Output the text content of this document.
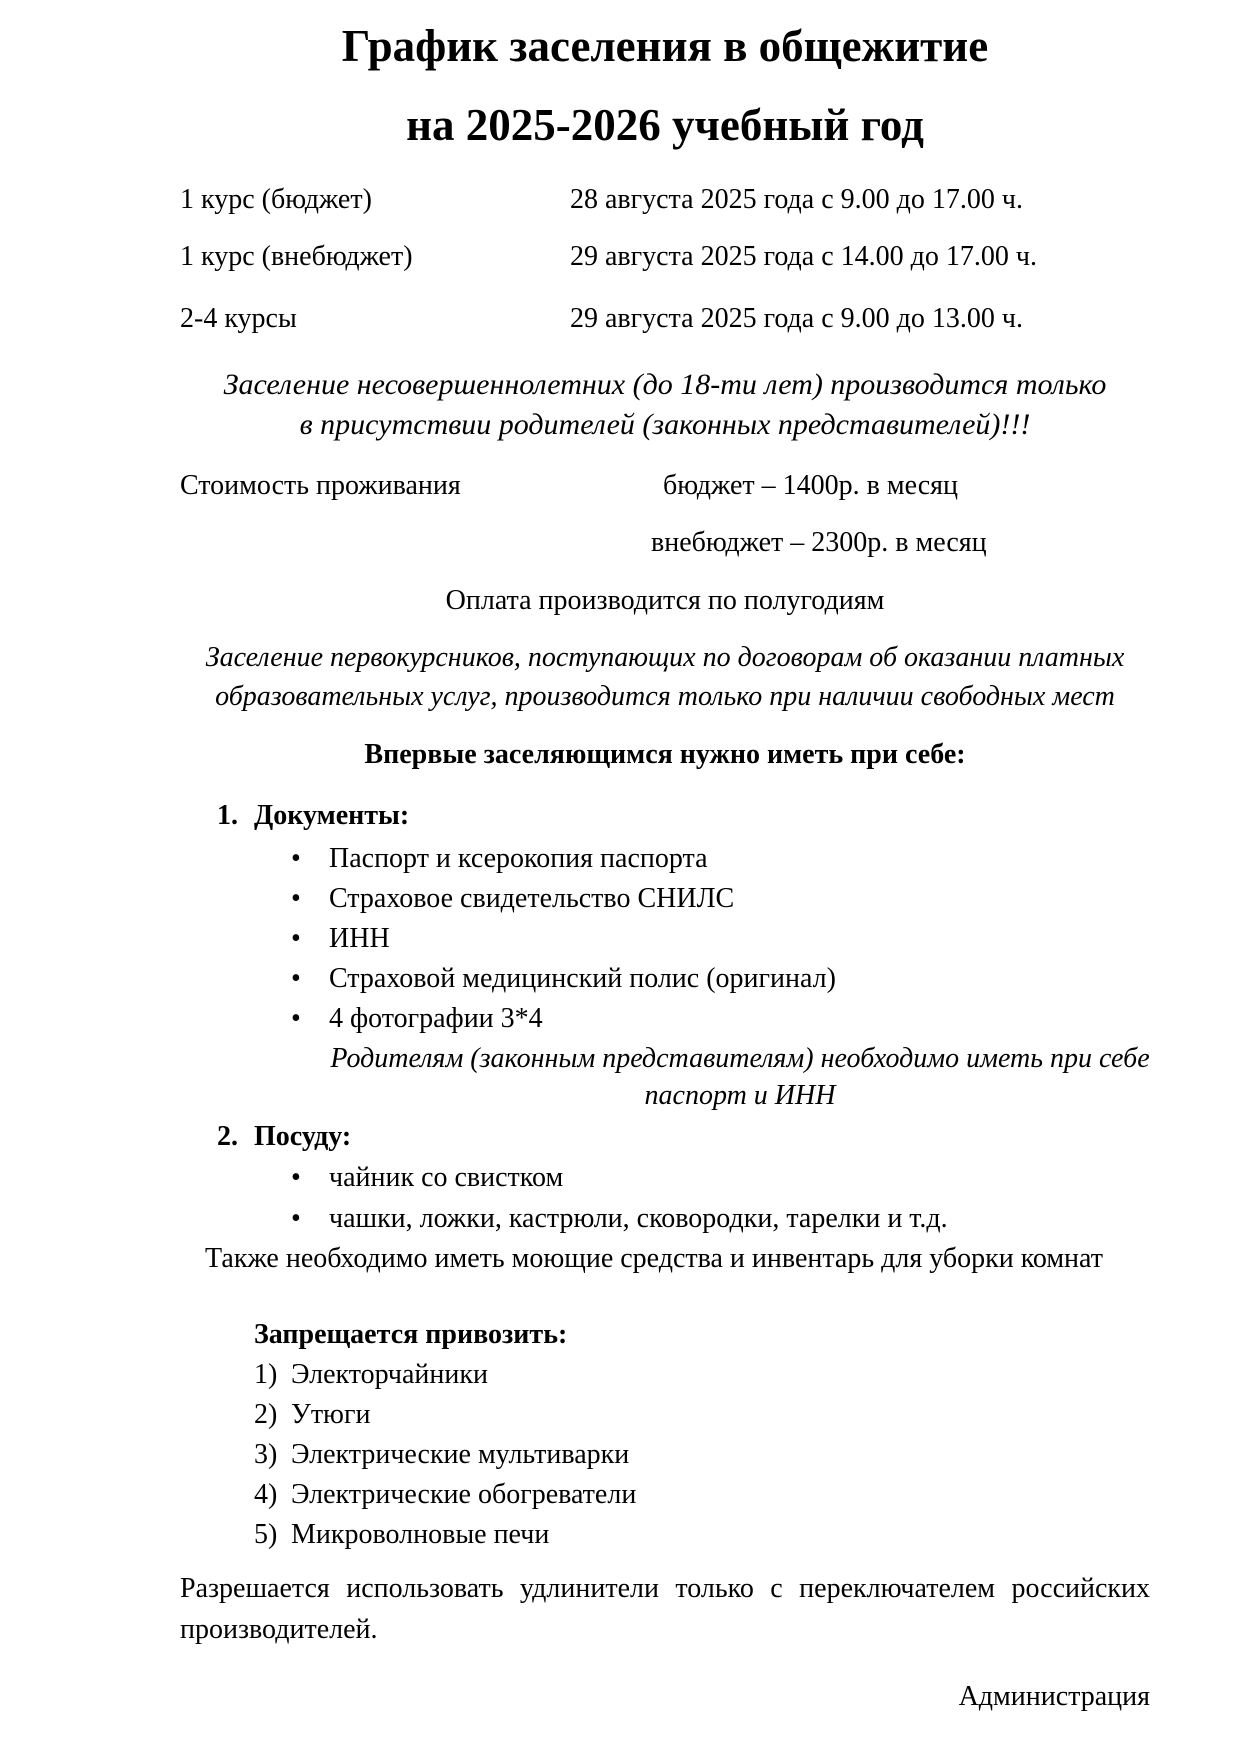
График заселения в общежитие
на 2025-2026 учебный год
1 курс (бюджет)	28 августа 2025 года с 9.00 до 17.00 ч.
1 курс (внебюджет)	29 августа 2025 года с 14.00 до 17.00 ч.
2-4 курсы	29 августа 2025 года с 9.00 до 13.00 ч.
Заселение несовершеннолетних (до 18-ти лет) производится только в присутствии родителей (законных представителей)!!!
Стоимость проживания	бюджет – 1400р. в месяц
внебюджет – 2300р. в месяц
Оплата производится по полугодиям
Заселение первокурсников, поступающих по договорам об оказании платных образовательных услуг, производится только при наличии свободных мест
Впервые заселяющимся нужно иметь при себе:
1. Документы:
• Паспорт и ксерокопия паспорта
• Страховое свидетельство СНИЛС
• ИНН
• Страховой медицинский полис (оригинал)
• 4 фотографии 3*4
Родителям (законным представителям) необходимо иметь при себе паспорт и ИНН
2. Посуду:
• чайник со свистком
• чашки, ложки, кастрюли, сковородки, тарелки и т.д.
Также необходимо иметь моющие средства и инвентарь для уборки комнат
Запрещается привозить:
1) Электорчайники
2) Утюги
3) Электрические мультиварки
4) Электрические обогреватели
5) Микроволновые печи
Разрешается использовать удлинители только с переключателем российских производителей.
Администрация
